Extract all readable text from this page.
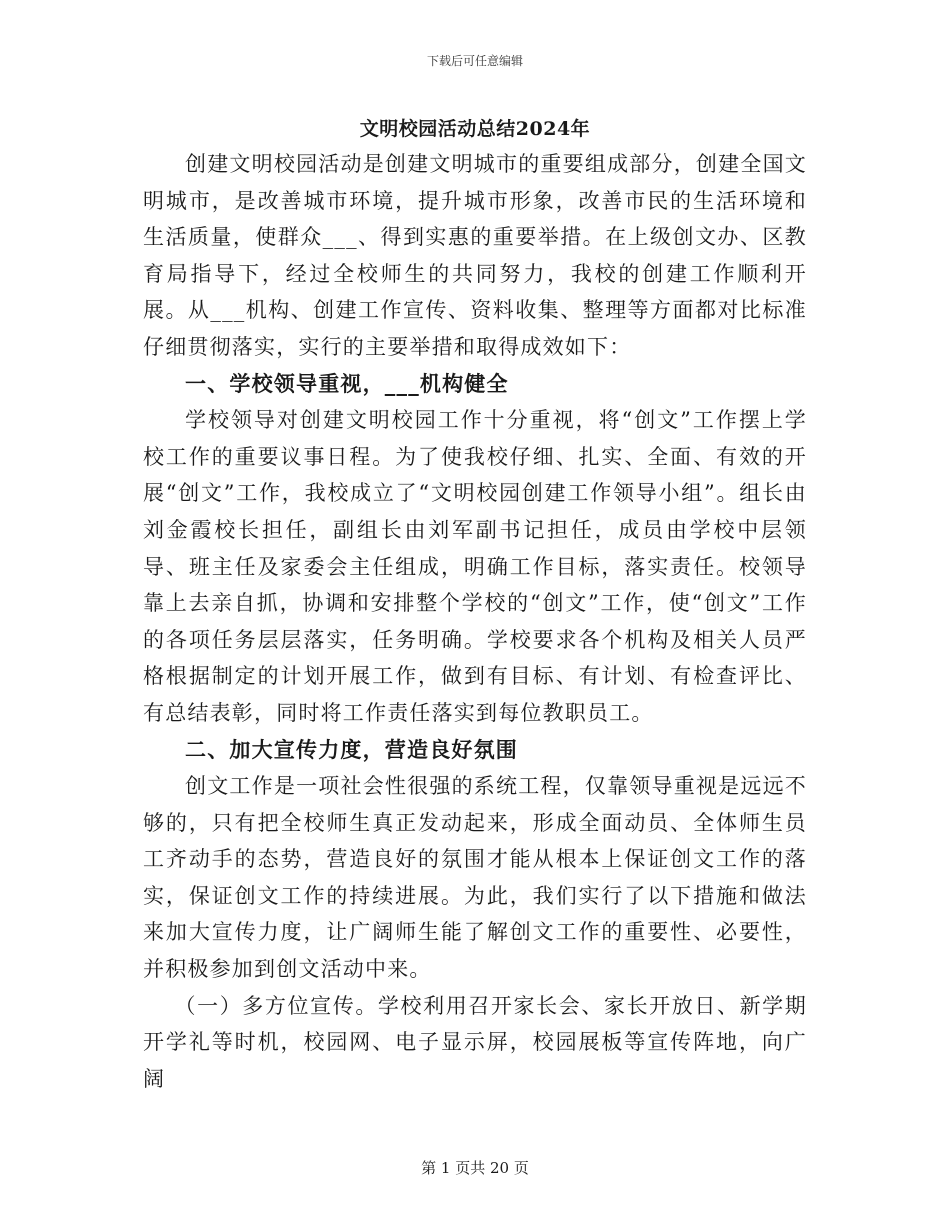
下载后可任意编辑
文明校园活动总结2024年

创建文明校园活动是创建文明城市的重要组成部分，创建全国文明城市，是改善城市环境，提升城市形象，改善市民的生活环境和生活质量，使群众___、得到实惠的重要举措。在上级创文办、区教育局指导下，经过全校师生的共同努力，我校的创建工作顺利开展。从___机构、创建工作宣传、资料收集、整理等方面都对比标准仔细贯彻落实，实行的主要举措和取得成效如下：

一、学校领导重视，___机构健全

学校领导对创建文明校园工作十分重视，将“创文”工作摆上学校工作的重要议事日程。为了使我校仔细、扎实、全面、有效的开展“创文”工作，我校成立了“文明校园创建工作领导小组”。组长由刘金霞校长担任，副组长由刘军副书记担任，成员由学校中层领导、班主任及家委会主任组成，明确工作目标，落实责任。校领导靠上去亲自抓，协调和安排整个学校的“创文”工作，使“创文”工作的各项任务层层落实，任务明确。学校要求各个机构及相关人员严格根据制定的计划开展工作，做到有目标、有计划、有检查评比、有总结表彰，同时将工作责任落实到每位教职员工。

二、加大宣传力度，营造良好氛围

创文工作是一项社会性很强的系统工程，仅靠领导重视是远远不够的，只有把全校师生真正发动起来，形成全面动员、全体师生员工齐动手的态势，营造良好的氛围才能从根本上保证创文工作的落实，保证创文工作的持续进展。为此，我们实行了以下措施和做法来加大宣传力度，让广阔师生能了解创文工作的重要性、必要性，并积极参加到创文活动中来。

（一）多方位宣传。学校利用召开家长会、家长开放日、新学期开学礼等时机，校园网、电子显示屏，校园展板等宣传阵地，向广阔

第 1 页共 20 页
